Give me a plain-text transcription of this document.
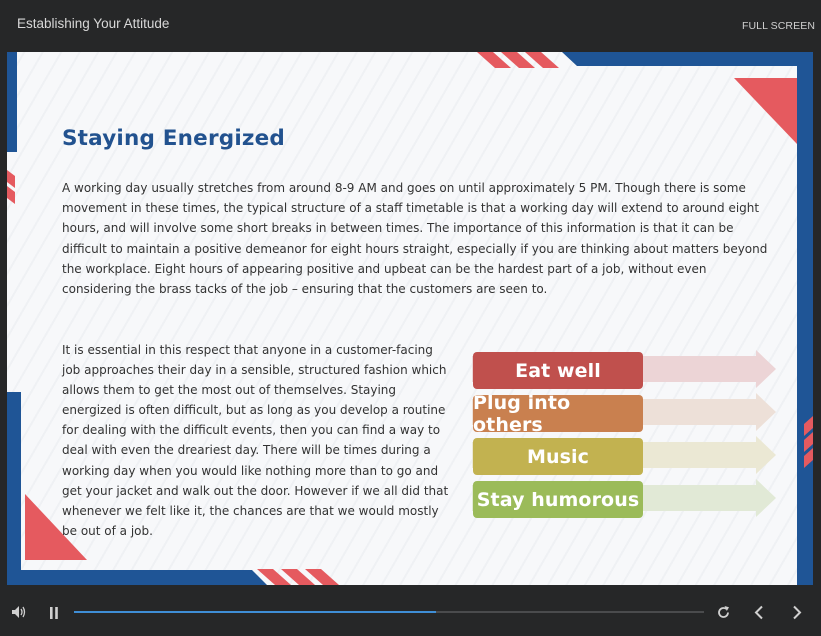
Establishing Your Attitude	FULL SCREEN
Staying Energized
A working day usually stretches from around 8-9 AM and goes on until approximately 5 PM. Though there is some movement in these times, the typical structure of a staff timetable is that a working day will extend to around eight hours, and will involve some short breaks in between times. The importance of this information is that it can be difficult to maintain a positive demeanor for eight hours straight, especially if you are thinking about matters beyond the workplace. Eight hours of appearing positive and upbeat can be the hardest part of a job, without even considering the brass tacks of the job – ensuring that the customers are seen to.
It is essential in this respect that anyone in a customer-facing job approaches their day in a sensible, structured fashion which allows them to get the most out of themselves. Staying energized is often difficult, but as long as you develop a routine for dealing with the difficult events, then you can find a way to deal with even the dreariest day. There will be times during a working day when you would like nothing more than to go and get your jacket and walk out the door. However if we all did that whenever we felt like it, the chances are that we would mostly be out of a job.
Eat well
Plug into others
Music
Stay humorous
